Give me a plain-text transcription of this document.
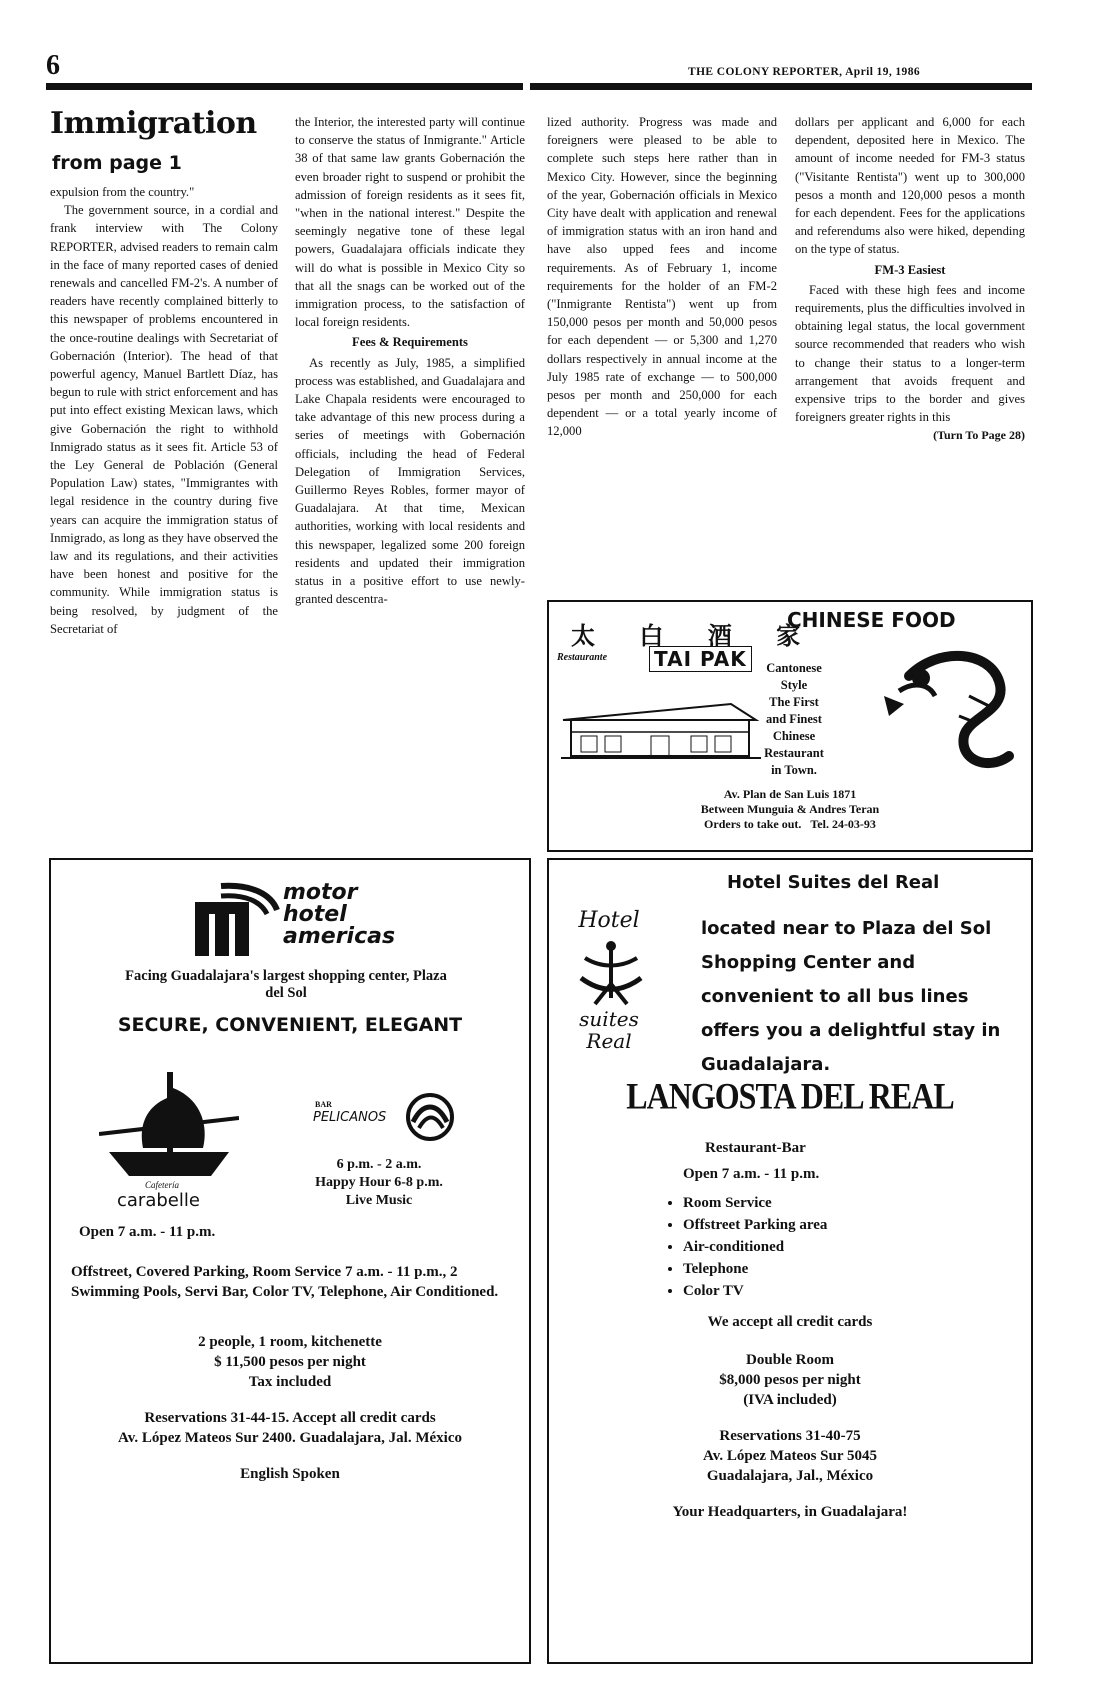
6	THE COLONY REPORTER, April 19, 1986
Immigration
from page 1

expulsion from the country."

The government source, in a cordial and frank interview with The Colony REPORTER, advised readers to remain calm in the face of many reported cases of denied renewals and cancelled FM-2's. A number of readers have recently complained bitterly to this newspaper of problems encountered in the once-routine dealings with Secretariat of Gobernación (Interior). The head of that powerful agency, Manuel Bartlett Díaz, has begun to rule with strict enforcement and has put into effect existing Mexican laws, which give Gobernación the right to withhold Inmigrado status as it sees fit. Article 53 of the Ley General de Población (General Population Law) states, "Immigrantes with legal residence in the country during five years can acquire the immigration status of Inmigrado, as long as they have observed the law and its regulations, and their activities have been honest and positive for the community. While immigration status is being resolved, by judgment of the Secretariat of

the Interior, the interested party will continue to conserve the status of Inmigrante." Article 38 of that same law grants Gobernación the even broader right to suspend or prohibit the admission of foreign residents as it sees fit, "when in the national interest." Despite the seemingly negative tone of these legal powers, Guadalajara officials indicate they will do what is possible in Mexico City so that all the snags can be worked out of the immigration process, to the satisfaction of local foreign residents.

Fees & Requirements

As recently as July, 1985, a simplified process was established, and Guadalajara and Lake Chapala residents were encouraged to take advantage of this new process during a series of meetings with Gobernación officials, including the head of Federal Delegation of Immigration Services, Guillermo Reyes Robles, former mayor of Guadalajara. At that time, Mexican authorities, working with local residents and this newspaper, legalized some 200 foreign residents and updated their immigration status in a positive effort to use newly-granted descentra-

lized authority. Progress was made and foreigners were pleased to be able to complete such steps here rather than in Mexico City. However, since the beginning of the year, Gobernación officials in Mexico City have dealt with application and renewal of immigration status with an iron hand and have also upped fees and income requirements. As of February 1, income requirements for the holder of an FM-2 ("Inmigrante Rentista") went up from 150,000 pesos per month and 50,000 pesos for each dependent — or 5,300 and 1,270 dollars respectively in annual income at the July 1985 rate of exchange — to 500,000 pesos per month and 250,000 for each dependent — or a total yearly income of 12,000

dollars per applicant and 6,000 for each dependent, deposited here in Mexico. The amount of income needed for FM-3 status ("Visitante Rentista") went up to 300,000 pesos a month and 120,000 pesos a month for each dependent. Fees for the applications and referendums also were hiked, depending on the type of status.

FM-3 Easiest

Faced with these high fees and income requirements, plus the difficulties involved in obtaining legal status, the local government source recommended that readers who wish to change their status to a longer-term arrangement that avoids frequent and expensive trips to the border and gives foreigners greater rights in this

(Turn To Page 28)
太 白 酒 家
Restaurante TAI PAK
CHINESE FOOD
Cantonese
Style
The First
and Finest
Chinese
Restaurant
in Town.
Av. Plan de San Luis 1871
Between Munguia & Andres Teran
Orders to take out. Tel. 24-03-93
motor
hotel
americas
Facing Guadalajara's largest shopping center, Plaza del Sol
SECURE, CONVENIENT, ELEGANT
Cafetería
carabelle
BAR
PELICANOS
6 p.m. - 2 a.m.
Happy Hour 6-8 p.m.
Live Music
Open 7 a.m. - 11 p.m.
Offstreet, Covered Parking, Room Service 7 a.m. - 11 p.m., 2 Swimming Pools, Servi Bar, Color TV, Telephone, Air Conditioned.
2 people, 1 room, kitchenette
$ 11,500 pesos per night
Tax included
Reservations 31-44-15. Accept all credit cards
Av. López Mateos Sur 2400. Guadalajara, Jal. México
English Spoken
Hotel
suites
Real
Hotel Suites del Real
located near to Plaza del Sol Shopping Center and convenient to all bus lines offers you a delightful stay in Guadalajara.
LANGOSTA DEL REAL
Restaurant-Bar
Open 7 a.m. - 11 p.m.
• Room Service
• Offstreet Parking area
• Air-conditioned
• Telephone
• Color TV
We accept all credit cards
Double Room
$8,000 pesos per night
(IVA included)
Reservations 31-40-75
Av. López Mateos Sur 5045
Guadalajara, Jal., México
Your Headquarters, in Guadalajara!
